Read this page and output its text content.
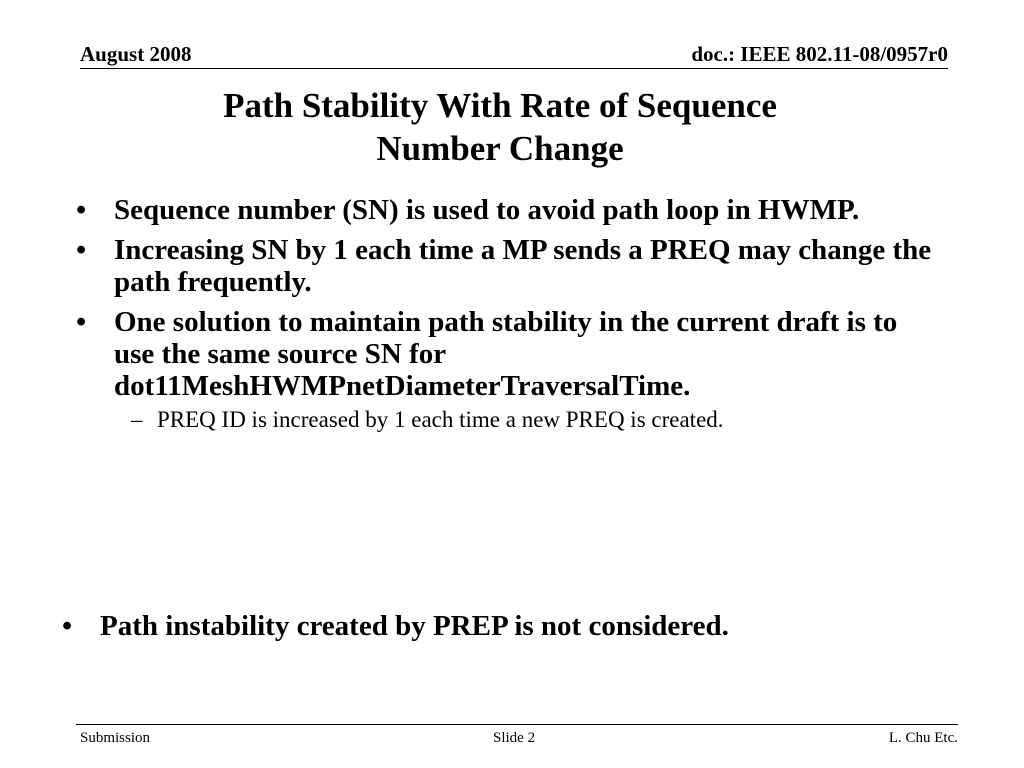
August 2008	doc.: IEEE 802.11-08/0957r0
Path Stability With Rate of Sequence
Number Change
• Sequence number (SN) is used to avoid path loop in HWMP.
• Increasing SN by 1 each time a MP sends a PREQ may change the path frequently.
• One solution to maintain path stability in the current draft is to use the same source SN for dot11MeshHWMPnetDiameterTraversalTime.
– PREQ ID is increased by 1 each time a new PREQ is created.
• Path instability created by PREP is not considered.
Submission	Slide 2	L. Chu Etc.
